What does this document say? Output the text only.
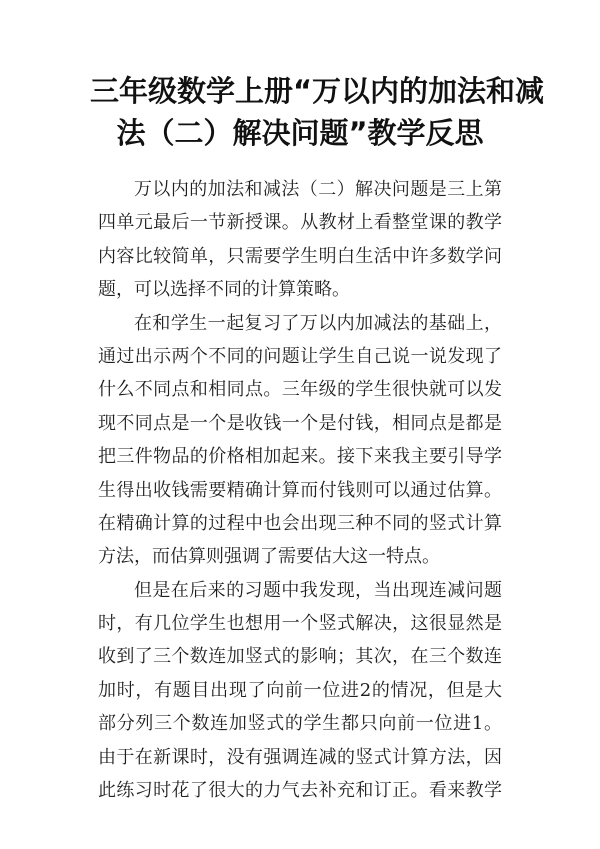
三年级数学上册“万以内的加法和减
法（二）解决问题”教学反思
万以内的加法和减法（二）解决问题是三上第
四单元最后一节新授课。从教材上看整堂课的教学
内容比较简单，只需要学生明白生活中许多数学问
题，可以选择不同的计算策略。
在和学生一起复习了万以内加减法的基础上，
通过出示两个不同的问题让学生自己说一说发现了
什么不同点和相同点。三年级的学生很快就可以发
现不同点是一个是收钱一个是付钱，相同点是都是
把三件物品的价格相加起来。接下来我主要引导学
生得出收钱需要精确计算而付钱则可以通过估算。
在精确计算的过程中也会出现三种不同的竖式计算
方法，而估算则强调了需要估大这一特点。
但是在后来的习题中我发现，当出现连减问题
时，有几位学生也想用一个竖式解决，这很显然是
收到了三个数连加竖式的影响；其次，在三个数连
加时，有题目出现了向前一位进2的情况，但是大
部分列三个数连加竖式的学生都只向前一位进1。
由于在新课时，没有强调连减的竖式计算方法，因
此练习时花了很大的力气去补充和订正。看来教学
